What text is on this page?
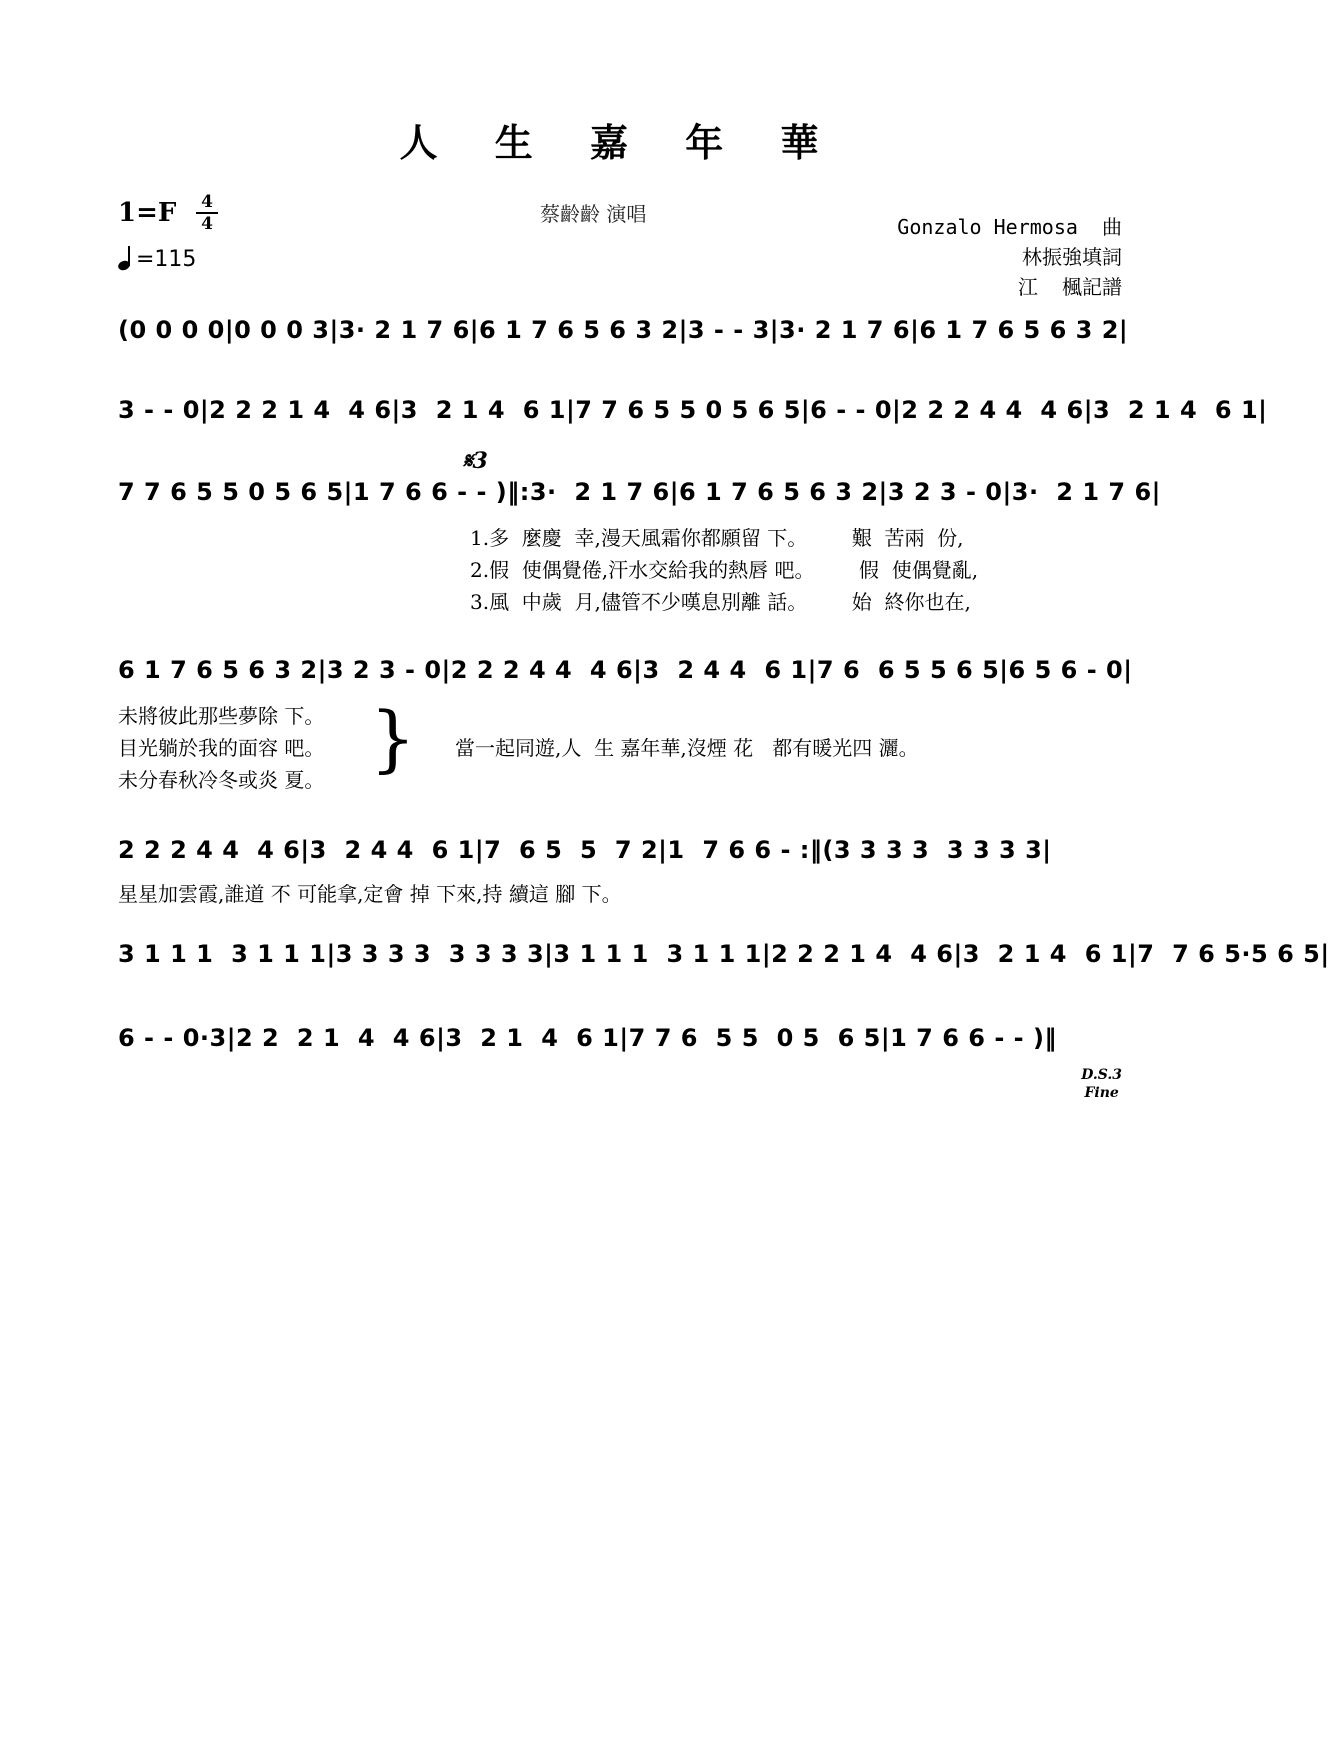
人 生 嘉 年 華
1=F 4
4
=115
蔡齡齡 演唱
Gonzalo Hermosa  曲
林振強填詞
江  楓記譜
(0 0 0 0|0 0 0 3|3· 2 1 7 6|6 1 7 6 5 6 3 2|3 - - 3|3· 2 1 7 6|6 1 7 6 5 6 3 2|
3 - - 0|2 2 2 1 4  4 6|3  2 1 4  6 1|7 7 6 5 5 0 5 6 5|6 - - 0|2 2 2 4 4  4 6|3  2 1 4  6 1|
𝄋3
7 7 6 5 5 0 5 6 5|1 7 6 6 - - )‖:3·  2 1 7 6|6 1 7 6 5 6 3 2|3 2 3 - 0|3·  2 1 7 6|
1.多  麼慶  幸,漫天風霜你都願留 下。       艱  苦兩  份,
2.假  使偶覺倦,汗水交給我的熱唇 吧。       假  使偶覺亂,
3.風  中歲  月,儘管不少嘆息別離 話。       始  終你也在,
6 1 7 6 5 6 3 2|3 2 3 - 0|2 2 2 4 4  4 6|3  2 4 4  6 1|7 6  6 5 5 6 5|6 5 6 - 0|
未將彼此那些夢除 下。
目光躺於我的面容 吧。
未分春秋冷冬或炎 夏。 } 當一起同遊,人  生 嘉年華,沒煙 花   都有暖光四 灑。
2 2 2 4 4  4 6|3  2 4 4  6 1|7  6 5  5  7 2|1  7 6 6 - :‖(3 3 3 3  3 3 3 3|
星星加雲霞,誰道 不 可能拿,定會 掉 下來,持 續這 腳 下。
3 1 1 1  3 1 1 1|3 3 3 3  3 3 3 3|3 1 1 1  3 1 1 1|2 2 2 1 4  4 6|3  2 1 4  6 1|7  7 6 5·5 6 5|
6 - - 0·3|2 2  2 1  4  4 6|3  2 1  4  6 1|7 7 6  5 5  0 5  6 5|1 7 6 6 - - )‖
D.S.3
Fine
